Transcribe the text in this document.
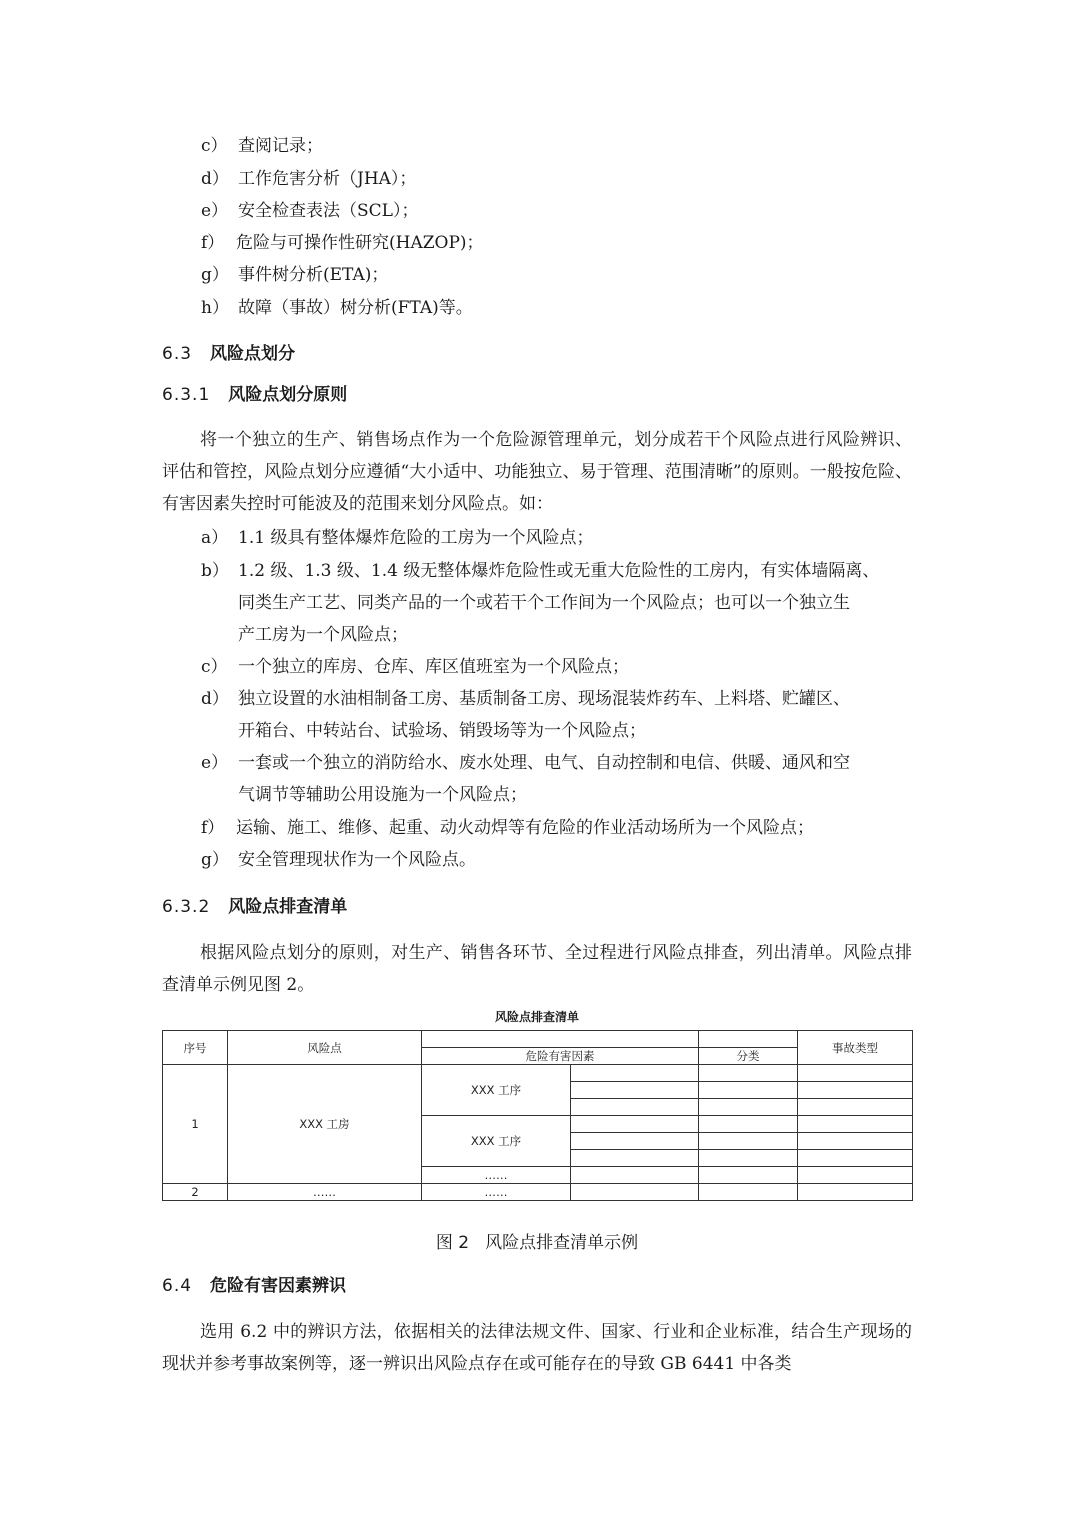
c） 查阅记录；
d） 工作危害分析（JHA）；
e） 安全检查表法（SCL）；
f） 危险与可操作性研究(HAZOP)；
g） 事件树分析(ETA)；
h） 故障（事故）树分析(FTA)等。
6.3 风险点划分
6.3.1 风险点划分原则
将一个独立的生产、销售场点作为一个危险源管理单元，划分成若干个风险点进行风险辨识、评估和管控，风险点划分应遵循“大小适中、功能独立、易于管理、范围清晰”的原则。一般按危险、有害因素失控时可能波及的范围来划分风险点。如：
a） 1.1 级具有整体爆炸危险的工房为一个风险点；
b） 1.2 级、1.3 级、1.4 级无整体爆炸危险性或无重大危险性的工房内，有实体墙隔离、
同类生产工艺、同类产品的一个或若干个工作间为一个风险点；也可以一个独立生
产工房为一个风险点；
c） 一个独立的库房、仓库、库区值班室为一个风险点；
d） 独立设置的水油相制备工房、基质制备工房、现场混装炸药车、上料塔、贮罐区、
开箱台、中转站台、试验场、销毁场等为一个风险点；
e） 一套或一个独立的消防给水、废水处理、电气、自动控制和电信、供暖、通风和空
气调节等辅助公用设施为一个风险点；
f） 运输、施工、维修、起重、动火动焊等有危险的作业活动场所为一个风险点；
g） 安全管理现状作为一个风险点。
6.3.2 风险点排查清单
根据风险点划分的原则，对生产、销售各环节、全过程进行风险点排查，列出清单。风险点排查清单示例见图 2。
风险点排查清单
序号	风险点				事故类型
		危险有害因素		分类	
1	XXX 工房	XXX 工序			

		XXX 工序			

		……			
2	……	……			
图 2 风险点排查清单示例
6.4 危险有害因素辨识
选用 6.2 中的辨识方法，依据相关的法律法规文件、国家、行业和企业标准，结合生产现场的现状并参考事故案例等，逐一辨识出风险点存在或可能存在的导致 GB 6441 中各类
